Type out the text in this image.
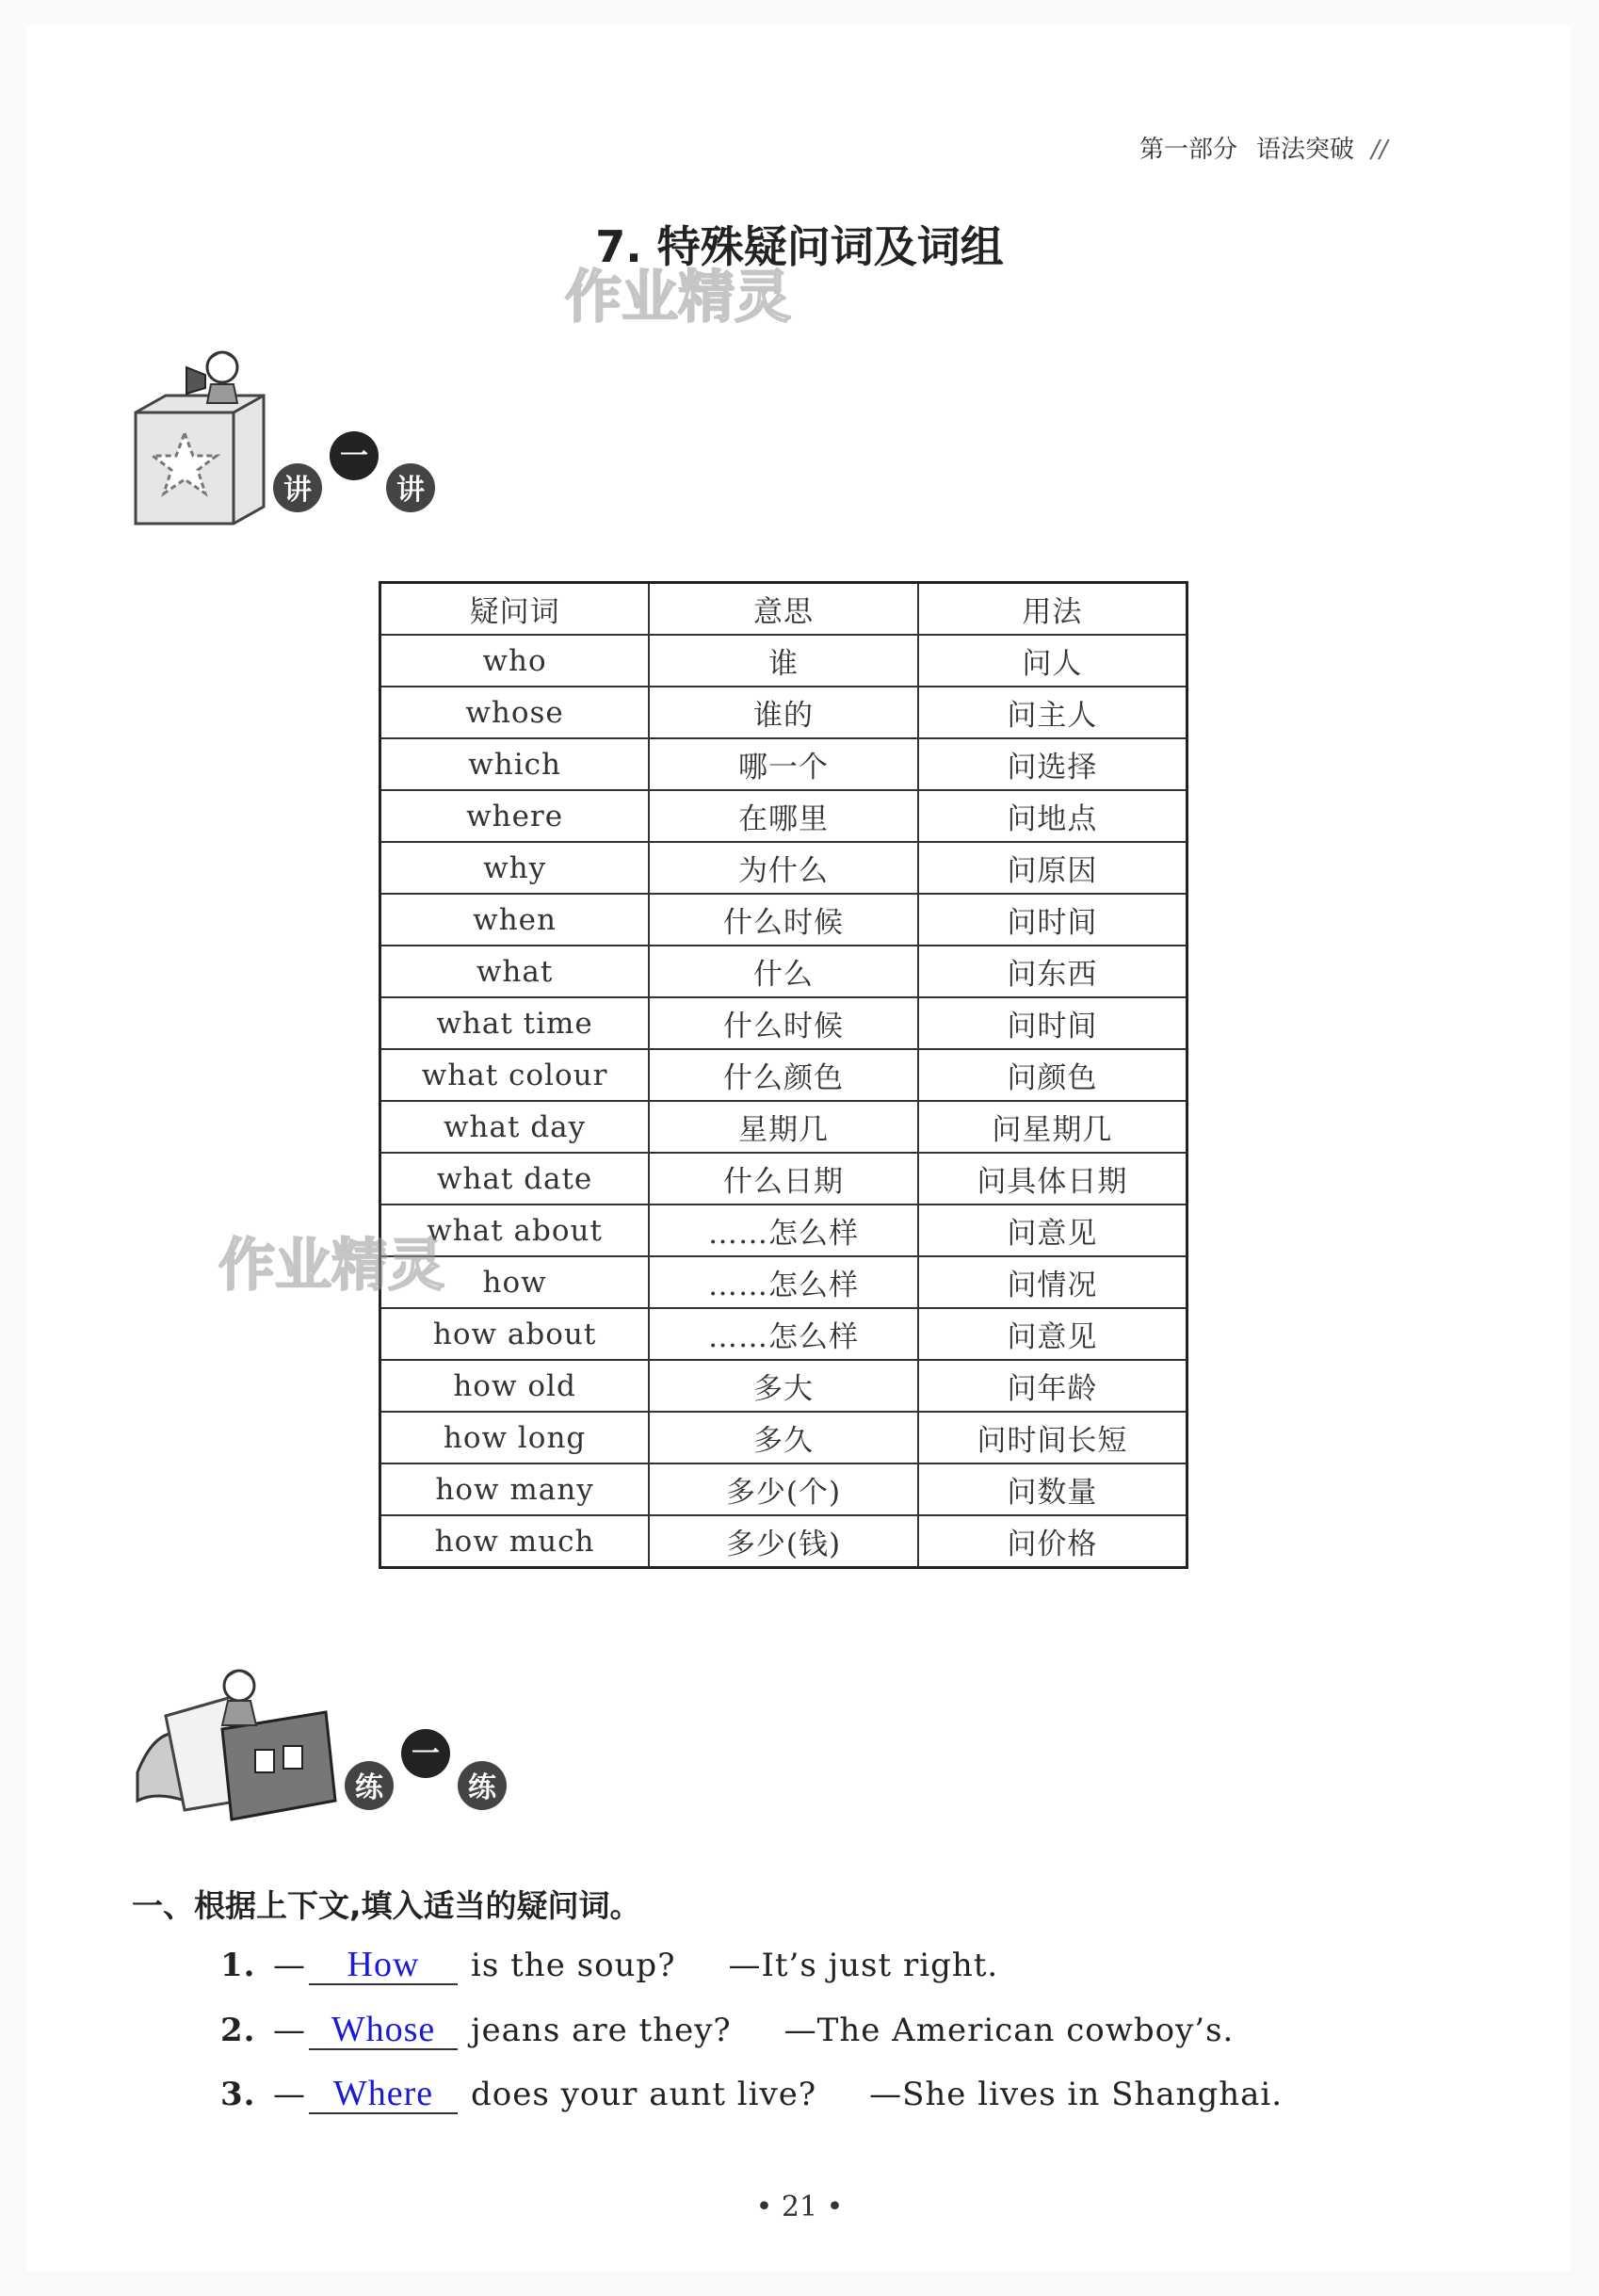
第一部分 语法突破 //
7. 特殊疑问词及词组
作业精灵
讲
一
讲
疑问词	意思	用法
who	谁	问人
whose	谁的	问主人
which	哪一个	问选择
where	在哪里	问地点
why	为什么	问原因
when	什么时候	问时间
what	什么	问东西
what time	什么时候	问时间
what colour	什么颜色	问颜色
what day	星期几	问星期几
what date	什么日期	问具体日期
what about	……怎么样	问意见
how	……怎么样	问情况
how about	……怎么样	问意见
how old	多大	问年龄
how long	多久	问时间长短
how many	多少(个)	问数量
how much	多少(钱)	问价格
作业精灵
练
一
练
一、根据上下文,填入适当的疑问词。
1. — How is the soup? —It’s just right.
2. — Whose jeans are they? —The American cowboy’s.
3. — Where does your aunt live? —She lives in Shanghai.
• 21 •
